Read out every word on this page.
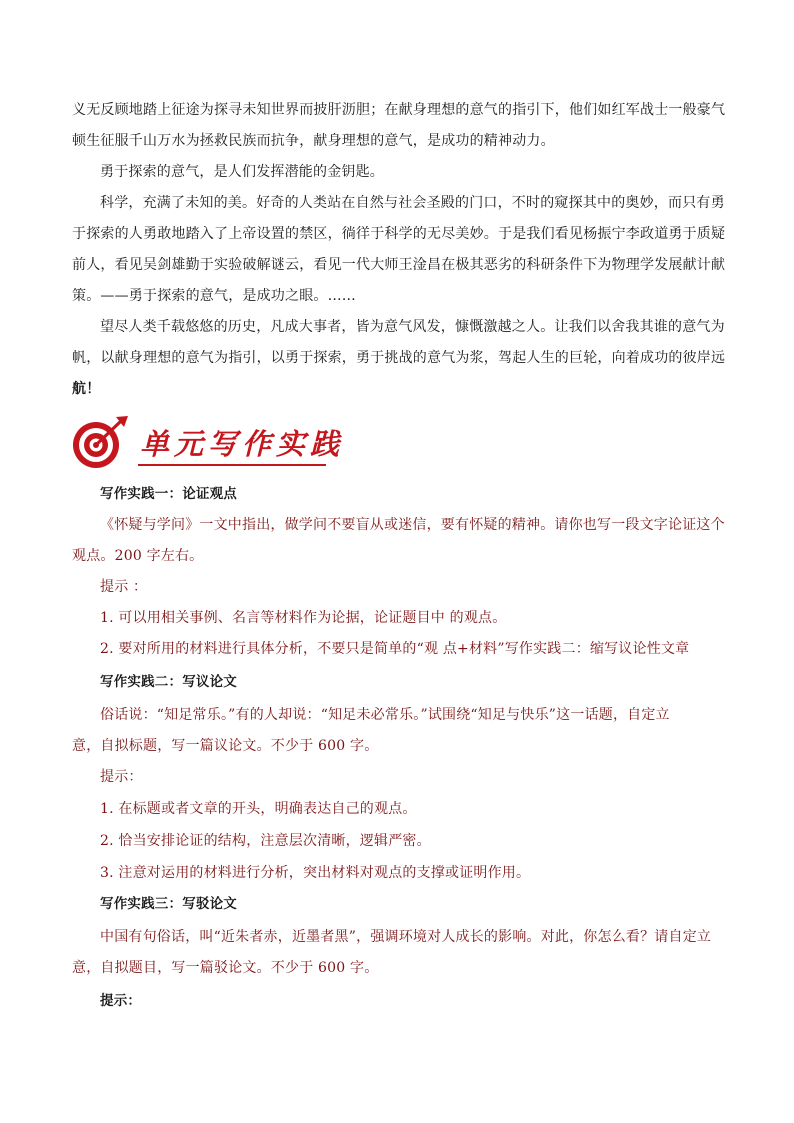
义无反顾地踏上征途为探寻未知世界而披肝沥胆；在献身理想的意气的指引下，他们如红军战士一般豪气
顿生征服千山万水为拯救民族而抗争，献身理想的意气，是成功的精神动力。
勇于探索的意气，是人们发挥潜能的金钥匙。
科学，充满了未知的美。好奇的人类站在自然与社会圣殿的门口，不时的窥探其中的奥妙，而只有勇
于探索的人勇敢地踏入了上帝设置的禁区，徜徉于科学的无尽美妙。于是我们看见杨振宁李政道勇于质疑
前人，看见吴剑雄勤于实验破解谜云，看见一代大师王淦昌在极其恶劣的科研条件下为物理学发展献计献
策。——勇于探索的意气，是成功之眼。……
望尽人类千载悠悠的历史，凡成大事者，皆为意气风发，慷慨激越之人。让我们以舍我其谁的意气为
帆，以献身理想的意气为指引，以勇于探索，勇于挑战的意气为浆，驾起人生的巨轮，向着成功的彼岸远
航！
单元写作实践
写作实践一：论证观点
《怀疑与学问》一文中指出，做学问不要盲从或迷信，要有怀疑的精神。请你也写一段文字论证这个
观点。200 字左右。
提示 ：
1. 可以用相关事例、名言等材料作为论据，论证题目中 的观点。
2. 要对所用的材料进行具体分析，不要只是简单的“观 点+材料”写作实践二：缩写议论性文章
写作实践二：写议论文
俗话说：“知足常乐。”有的人却说：“知足未必常乐。”试围绕“知足与快乐”这一话题，自定立
意，自拟标题，写一篇议论文。不少于 600 字。
提示：
1. 在标题或者文章的开头，明确表达自己的观点。
2. 恰当安排论证的结构，注意层次清晰，逻辑严密。
3. 注意对运用的材料进行分析，突出材料对观点的支撑或证明作用。
写作实践三：写驳论文
中国有句俗话，叫“近朱者赤，近墨者黑”，强调环境对人成长的影响。对此，你怎么看？请自定立
意，自拟题目，写一篇驳论文。不少于 600 字。
提示：
